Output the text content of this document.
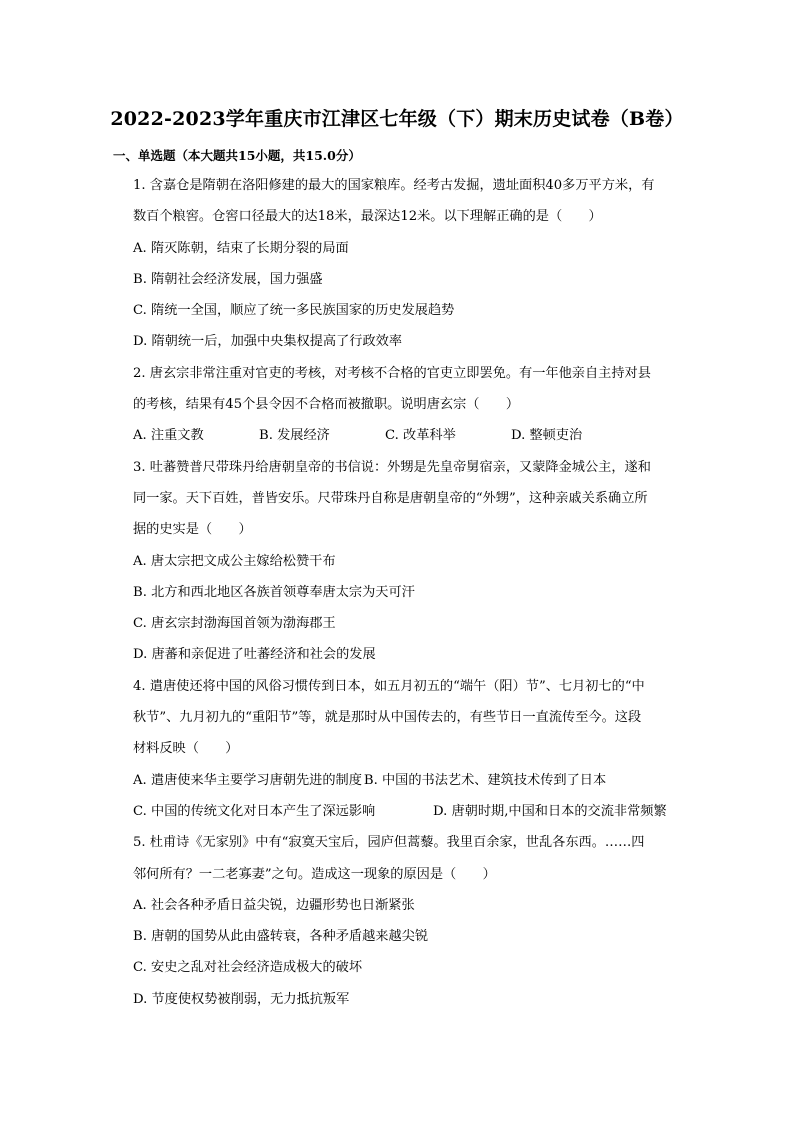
2022-2023学年重庆市江津区七年级（下）期末历史试卷（B卷）
一、单选题（本大题共15小题，共15.0分）
1. 含嘉仓是隋朝在洛阳修建的最大的国家粮库。经考古发掘，遗址面积40多万平方米，有
数百个粮窖。仓窖口径最大的达18米，最深达12米。以下理解正确的是（　　）
A. 隋灭陈朝，结束了长期分裂的局面
B. 隋朝社会经济发展，国力强盛
C. 隋统一全国，顺应了统一多民族国家的历史发展趋势
D. 隋朝统一后，加强中央集权提高了行政效率
2. 唐玄宗非常注重对官吏的考核，对考核不合格的官吏立即罢免。有一年他亲自主持对县
的考核，结果有45个县令因不合格而被撤职。说明唐玄宗（　　）
A. 注重文教	B. 发展经济	C. 改革科举	D. 整顿吏治
3. 吐蕃赞普尺带珠丹给唐朝皇帝的书信说：外甥是先皇帝舅宿亲，又蒙降金城公主，遂和
同一家。天下百姓，普皆安乐。尺带珠丹自称是唐朝皇帝的“外甥”，这种亲戚关系确立所
据的史实是（　　）
A. 唐太宗把文成公主嫁给松赞干布
B. 北方和西北地区各族首领尊奉唐太宗为天可汗
C. 唐玄宗封渤海国首领为渤海郡王
D. 唐蕃和亲促进了吐蕃经济和社会的发展
4. 遣唐使还将中国的风俗习惯传到日本，如五月初五的“端午（阳）节”、七月初七的“中
秋节”、九月初九的“重阳节”等，就是那时从中国传去的，有些节日一直流传至今。这段
材料反映（　　）
A. 遣唐使来华主要学习唐朝先进的制度 B. 中国的书法艺术、建筑技术传到了日本
C. 中国的传统文化对日本产生了深远影响	D. 唐朝时期,中国和日本的交流非常频繁
5. 杜甫诗《无家别》中有“寂寞天宝后，园庐但蒿藜。我里百余家，世乱各东西。……四
邻何所有？一二老寡妻”之句。造成这一现象的原因是（　　）
A. 社会各种矛盾日益尖锐，边疆形势也日渐紧张
B. 唐朝的国势从此由盛转衰，各种矛盾越来越尖锐
C. 安史之乱对社会经济造成极大的破坏
D. 节度使权势被削弱，无力抵抗叛军
